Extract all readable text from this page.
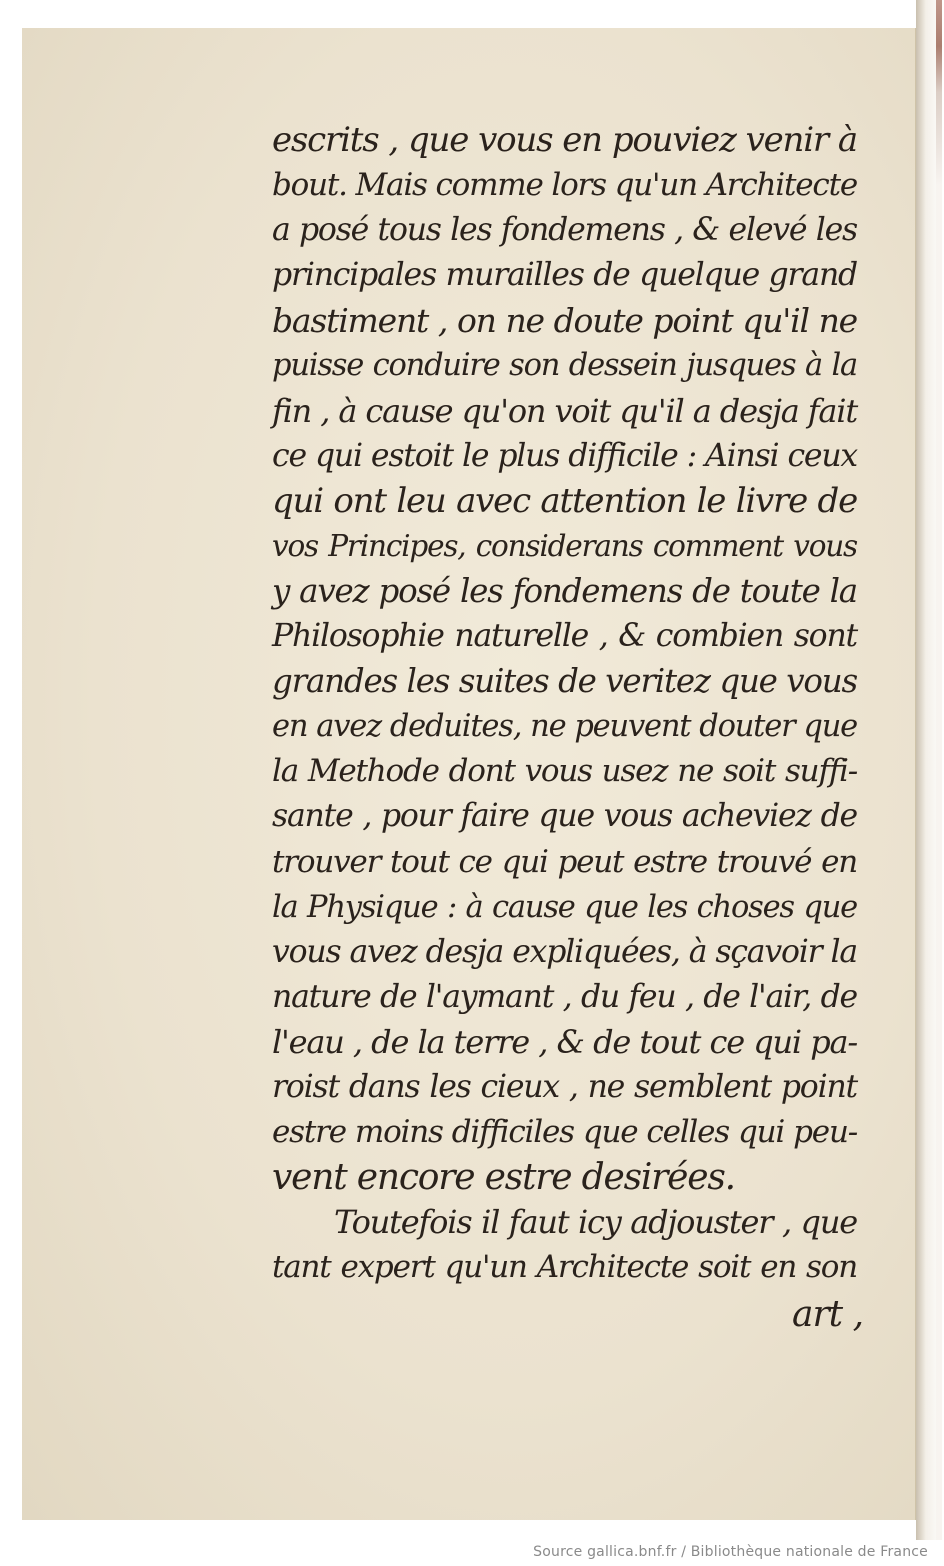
escrits , que vous en pouviez venir à
bout. Mais comme lors qu'un Architecte
a posé tous les fondemens , & elevé les
principales murailles de quelque grand
bastiment , on ne doute point qu'il ne
puisse conduire son dessein jusques à la
fin , à cause qu'on voit qu'il a desja fait
ce qui estoit le plus difficile : Ainsi ceux
qui ont leu avec attention le livre de
vos Principes, considerans comment vous
y avez posé les fondemens de toute la
Philosophie naturelle , & combien sont
grandes les suites de veritez que vous
en avez deduites, ne peuvent douter que
la Methode dont vous usez ne soit suffi-
sante , pour faire que vous acheviez de
trouver tout ce qui peut estre trouvé en
la Physique : à cause que les choses que
vous avez desja expliquées, à sçavoir la
nature de l'aymant , du feu , de l'air, de
l'eau , de la terre , & de tout ce qui pa-
roist dans les cieux , ne semblent point
estre moins difficiles que celles qui peu-
vent encore estre desirées.
Toutefois il faut icy adjouster , que
tant expert qu'un Architecte soit en son
art ,
Source gallica.bnf.fr / Bibliothèque nationale de France
